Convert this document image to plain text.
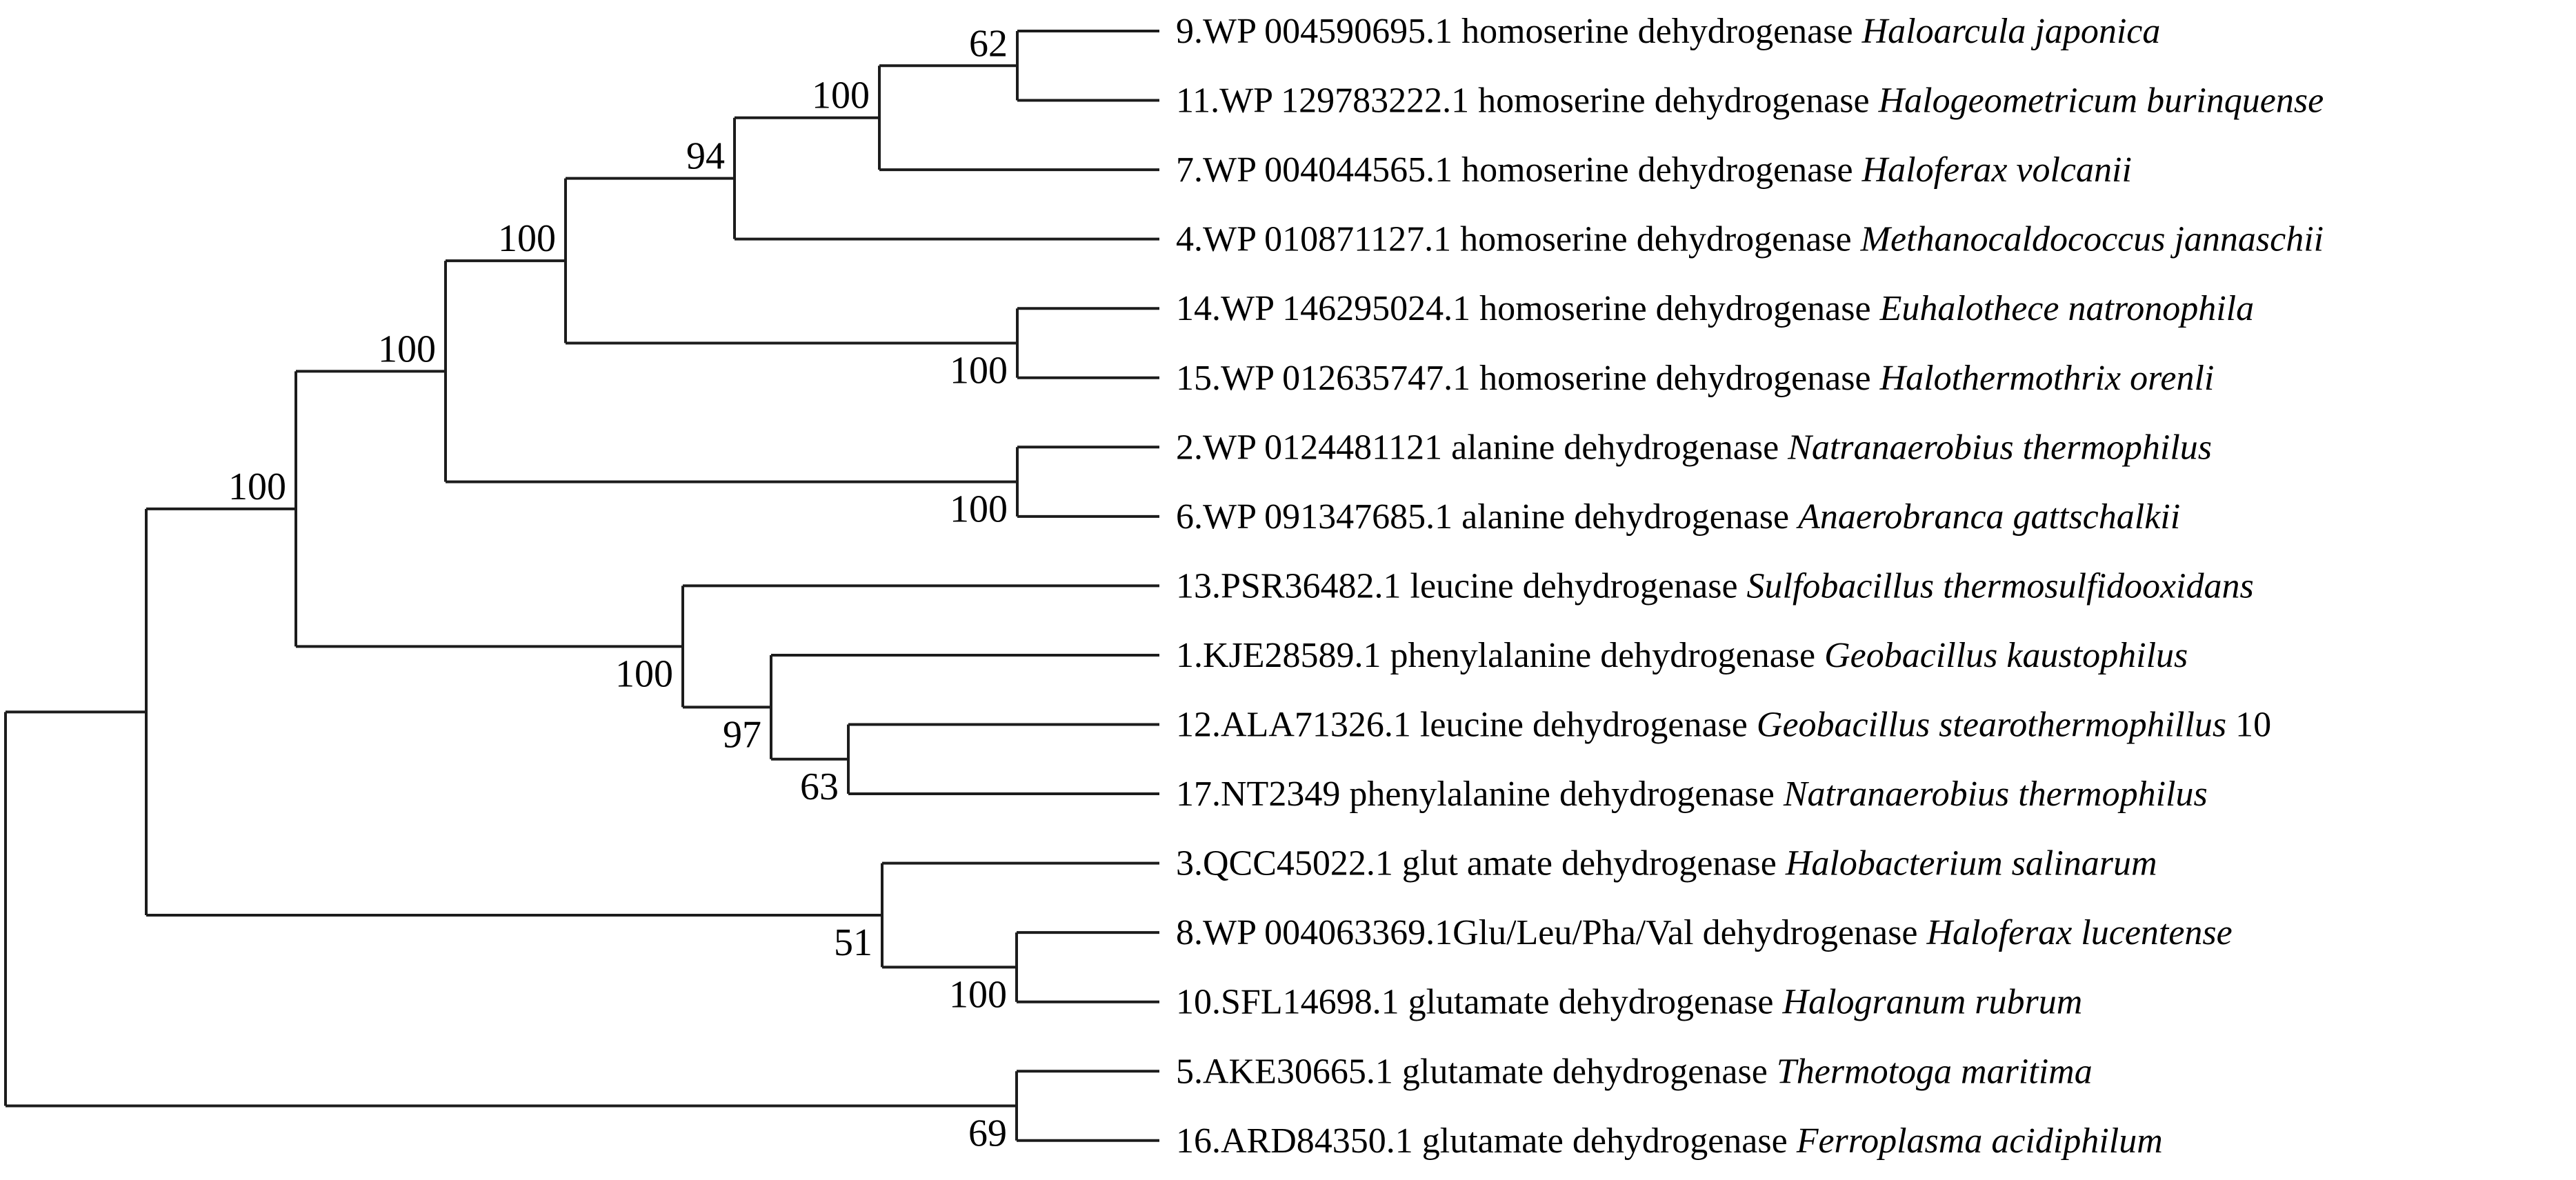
9.WP 004590695.1 homoserine dehydrogenase Haloarcula japonica
11.WP 129783222.1 homoserine dehydrogenase Halogeometricum burinquense
62
7.WP 004044565.1 homoserine dehydrogenase Haloferax volcanii
100
4.WP 010871127.1 homoserine dehydrogenase Methanocaldococcus jannaschii
94
14.WP 146295024.1 homoserine dehydrogenase Euhalothece natronophila
15.WP 012635747.1 homoserine dehydrogenase Halothermothrix orenli
100
100
2.WP 0124481121 alanine dehydrogenase Natranaerobius thermophilus
6.WP 091347685.1 alanine dehydrogenase Anaerobranca gattschalkii
100
100
13.PSR36482.1 leucine dehydrogenase Sulfobacillus thermosulfidooxidans
1.KJE28589.1 phenylalanine dehydrogenase Geobacillus kaustophilus
12.ALA71326.1 leucine dehydrogenase Geobacillus stearothermophillus 10
17.NT2349 phenylalanine dehydrogenase Natranaerobius thermophilus
63
97
100
100
3.QCC45022.1 glut amate dehydrogenase Halobacterium salinarum
8.WP 004063369.1Glu/Leu/Pha/Val dehydrogenase Haloferax lucentense
10.SFL14698.1 glutamate dehydrogenase Halogranum rubrum
100
51
5.AKE30665.1 glutamate dehydrogenase Thermotoga maritima
16.ARD84350.1 glutamate dehydrogenase Ferroplasma acidiphilum
69
